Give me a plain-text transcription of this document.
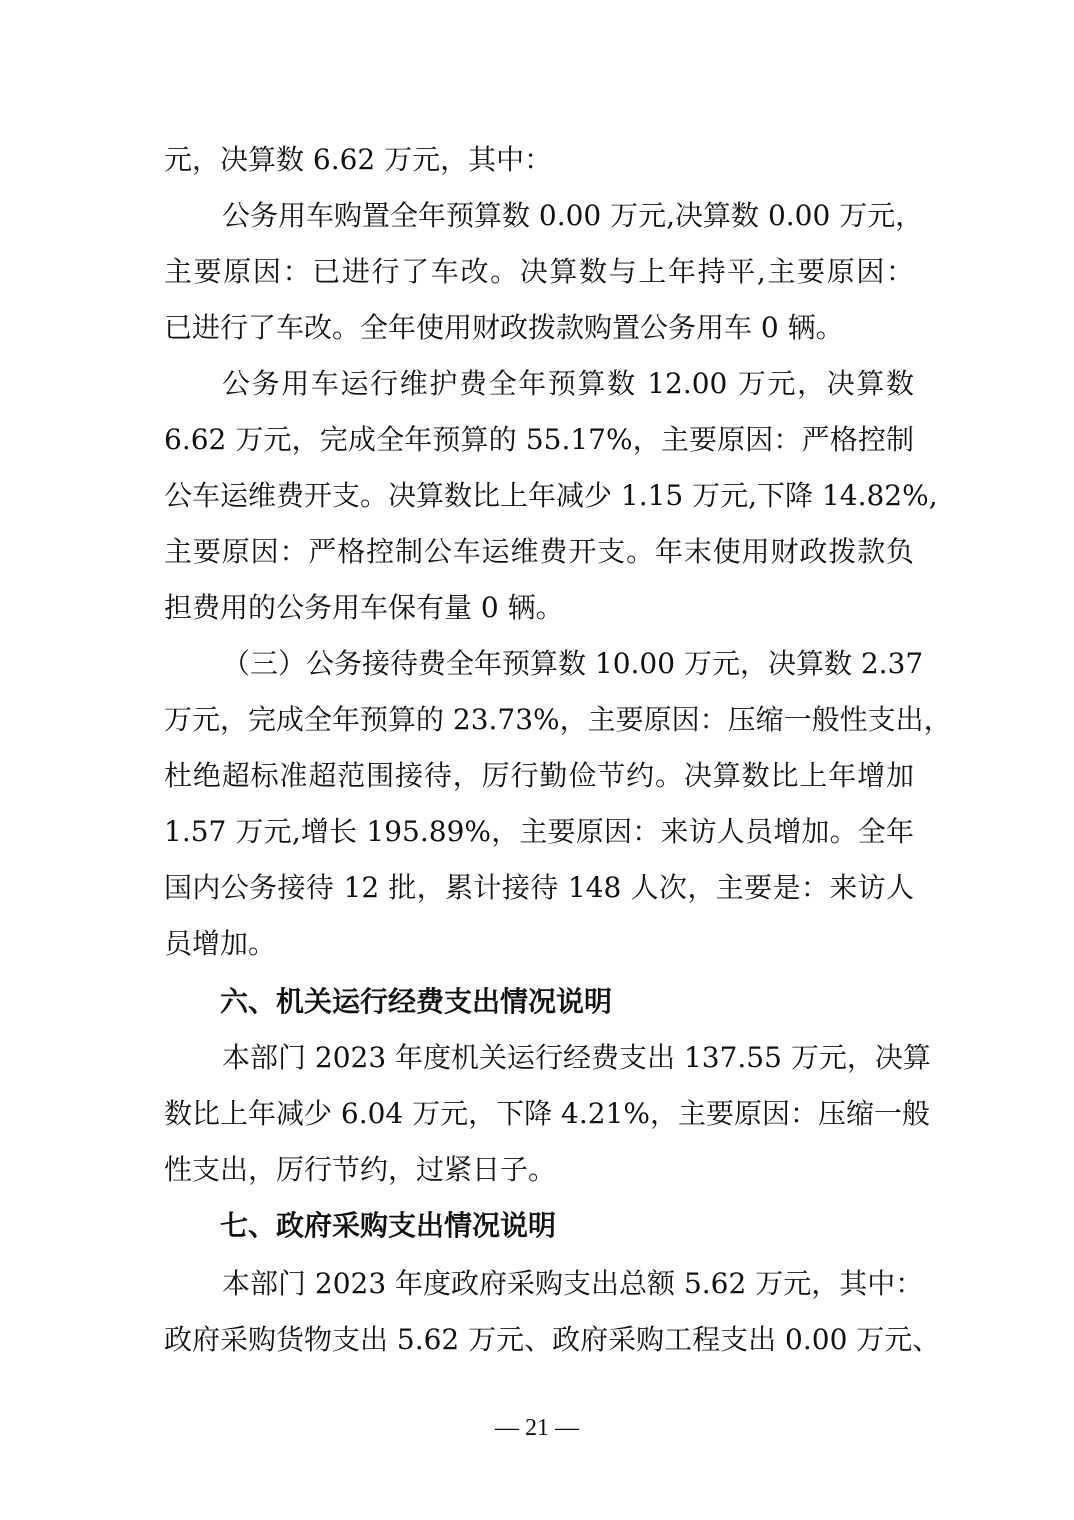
元，决算数 6.62 万元，其中：
公务用车购置全年预算数 0.00 万元,决算数 0.00 万元，
主要原因：已进行了车改。决算数与上年持平,主要原因：
已进行了车改。全年使用财政拨款购置公务用车 0 辆。
公务用车运行维护费全年预算数 12.00 万元，决算数
6.62 万元，完成全年预算的 55.17%，主要原因：严格控制
公车运维费开支。决算数比上年减少 1.15 万元,下降 14.82%,
主要原因：严格控制公车运维费开支。年末使用财政拨款负
担费用的公务用车保有量 0 辆。
（三）公务接待费全年预算数 10.00 万元，决算数 2.37
万元，完成全年预算的 23.73%，主要原因：压缩一般性支出，
杜绝超标准超范围接待，厉行勤俭节约。决算数比上年增加
1.57 万元,增长 195.89%，主要原因：来访人员增加。全年
国内公务接待 12 批，累计接待 148 人次，主要是：来访人
员增加。
六、机关运行经费支出情况说明
本部门 2023 年度机关运行经费支出 137.55 万元，决算
数比上年减少 6.04 万元，下降 4.21%，主要原因：压缩一般
性支出，厉行节约，过紧日子。
七、政府采购支出情况说明
本部门 2023 年度政府采购支出总额 5.62 万元，其中：
政府采购货物支出 5.62 万元、政府采购工程支出 0.00 万元、
— 21 —
